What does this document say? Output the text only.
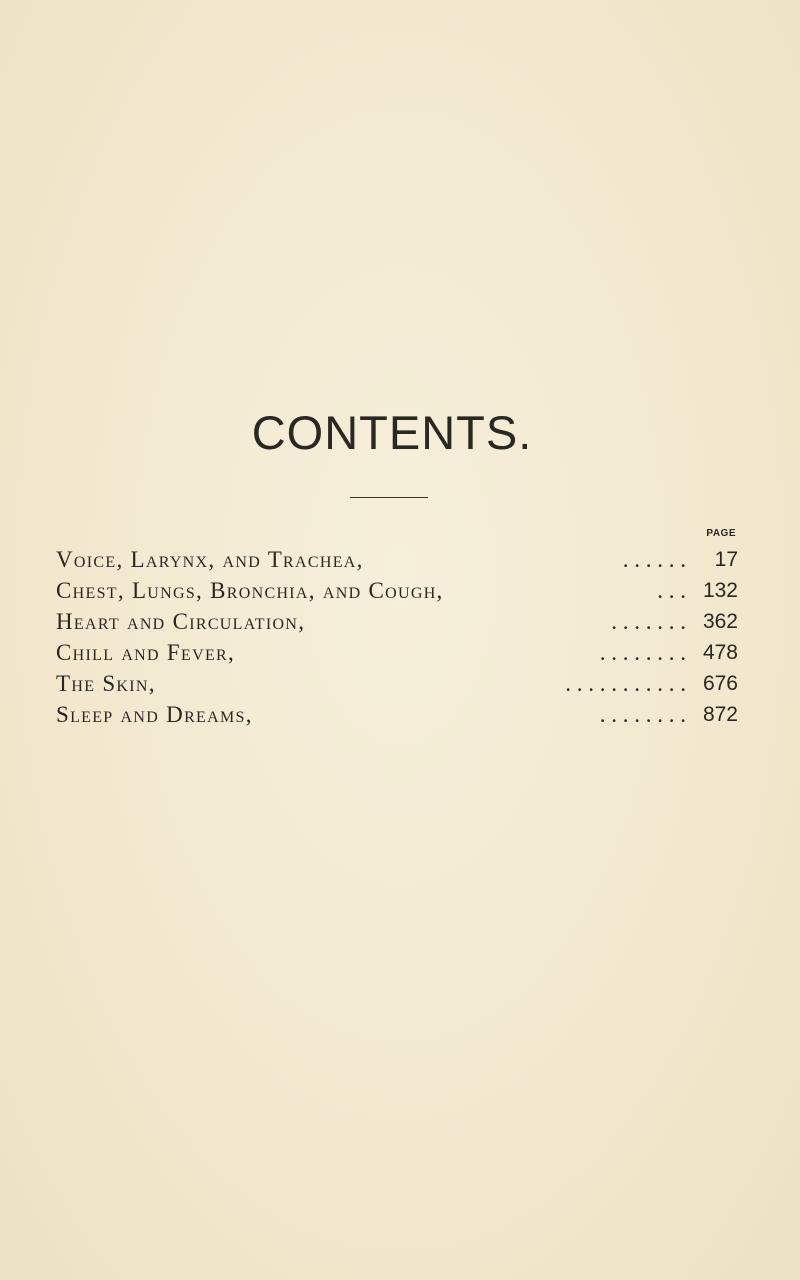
CONTENTS.
PAGE
Voice, Larynx, and Trachea,	. . . . . . 17
Chest, Lungs, Bronchia, and Cough,	. . . 132
Heart and Circulation,	. . . . . . . 362
Chill and Fever,	. . . . . . . . 478
The Skin,	. . . . . . . . . . . 676
Sleep and Dreams,	. . . . . . . . 872
